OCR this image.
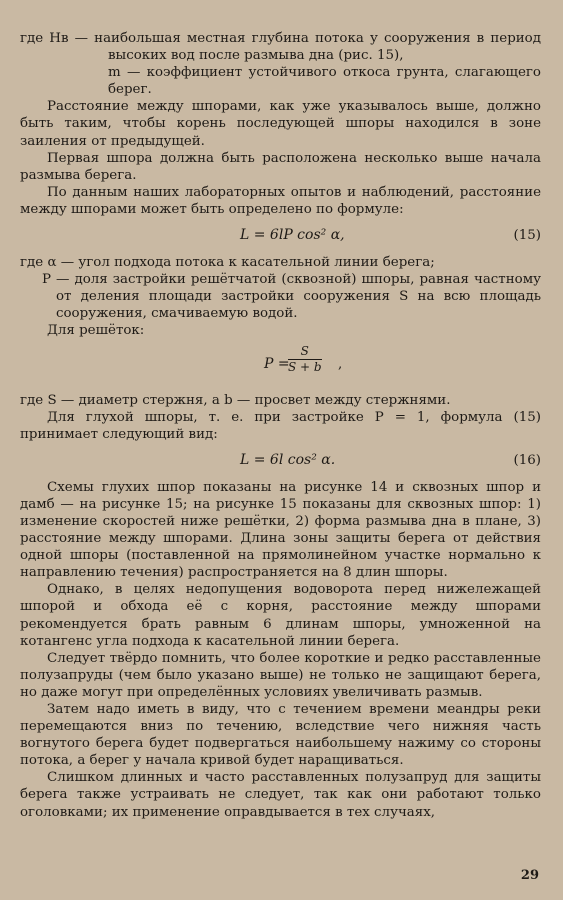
где Hв — наибольшая местная глубина потока у сооружения в период высоких вод после размыва дна (рис. 15),

m — коэффициент устойчивого откоса грунта, слагающего берег.

Расстояние между шпорами, как уже указывалось выше, должно быть таким, чтобы корень последующей шпоры находился в зоне заиления от предыдущей.

Первая шпора должна быть расположена несколько выше начала размыва берега.

По данным наших лабораторных опытов и наблюдений, расстояние между шпорами может быть определено по формуле:

L = 6lP cos² α,	(15)

где α — угол подхода потока к касательной линии берега;

P — доля застройки решётчатой (сквозной) шпоры, равная частному от деления площади застройки сооружения S на всю площадь сооружения, смачиваемую водой.

Для решёток:

P =
$\frac{S}{S + b}$ ,

где S — диаметр стержня, а b — просвет между стержнями.

Для глухой шпоры, т. е. при застройке P = 1, формула (15) принимает следующий вид:

L = 6l cos² α.	(16)

Схемы глухих шпор показаны на рисунке 14 и сквозных шпор и дамб — на рисунке 15; на рисунке 15 показаны для сквозных шпор: 1) изменение скоростей ниже решётки, 2) форма размыва дна в плане, 3) расстояние между шпорами. Длина зоны защиты берега от действия одной шпоры (поставленной на прямолинейном участке нормально к направлению течения) распространяется на 8 длин шпоры.

Однако, в целях недопущения водоворота перед нижележащей шпорой и обхода её с корня, расстояние между шпорами рекомендуется брать равным 6 длинам шпоры, умноженной на котангенс угла подхода к касательной линии берега.

Следует твёрдо помнить, что более короткие и редко расставленные полузапруды (чем было указано выше) не только не защищают берега, но даже могут при определённых условиях увеличивать размыв.

Затем надо иметь в виду, что с течением времени меандры реки перемещаются вниз по течению, вследствие чего нижняя часть вогнутого берега будет подвергаться наибольшему нажиму со стороны потока, а берег у начала кривой будет наращиваться.

Слишком длинных и часто расставленных полузапруд для защиты берега также устраивать не следует, так как они работают только оголовками; их применение оправдывается в тех случаях,

29
